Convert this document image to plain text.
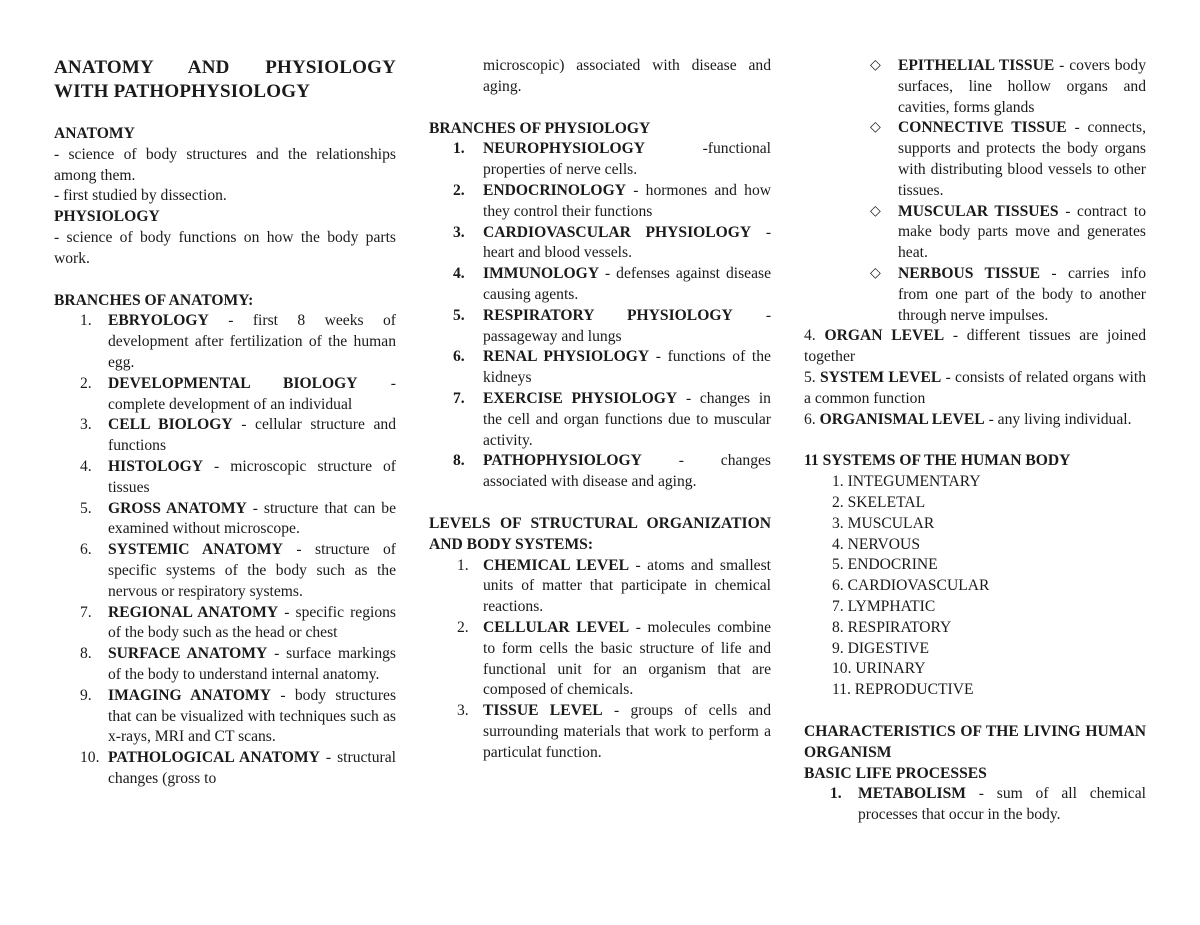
ANATOMY AND PHYSIOLOGY
WITH PATHOPHYSIOLOGY
ANATOMY

- science of body structures and the relationships among them.

- first studied by dissection.

PHYSIOLOGY

- science of body functions on how the body parts work.

BRANCHES OF ANATOMY:
1. EBRYOLOGY - first 8 weeks of development after fertilization of the human egg.
2. DEVELOPMENTAL BIOLOGY - complete development of an individual
3. CELL BIOLOGY - cellular structure and functions
4. HISTOLOGY - microscopic structure of tissues
5. GROSS ANATOMY - structure that can be examined without microscope.
6. SYSTEMIC ANATOMY - structure of specific systems of the body such as the nervous or respiratory systems.
7. REGIONAL ANATOMY - specific regions of the body such as the head or chest
8. SURFACE ANATOMY - surface markings of the body to understand internal anatomy.
9. IMAGING ANATOMY - body structures that can be visualized with techniques such as x-rays, MRI and CT scans.
10. PATHOLOGICAL ANATOMY - structural changes (gross to

microscopic) associated with disease and aging.

BRANCHES OF PHYSIOLOGY
1. NEUROPHYSIOLOGY -functional properties of nerve cells.
2. ENDOCRINOLOGY - hormones and how they control their functions
3. CARDIOVASCULAR PHYSIOLOGY - heart and blood vessels.
4. IMMUNOLOGY - defenses against disease causing agents.
5. RESPIRATORY PHYSIOLOGY - passageway and lungs
6. RENAL PHYSIOLOGY - functions of the kidneys
7. EXERCISE PHYSIOLOGY - changes in the cell and organ functions due to muscular activity.
8. PATHOPHYSIOLOGY - changes associated with disease and aging.
LEVELS OF STRUCTURAL ORGANIZATION AND BODY SYSTEMS:
1. CHEMICAL LEVEL - atoms and smallest units of matter that participate in chemical reactions.
2. CELLULAR LEVEL - molecules combine to form cells the basic structure of life and functional unit for an organism that are composed of chemicals.
3. TISSUE LEVEL - groups of cells and surrounding materials that work to perform a particulat function.
◇ EPITHELIAL TISSUE - covers body surfaces, line hollow organs and cavities, forms glands
◇ CONNECTIVE TISSUE - connects, supports and protects the body organs with distributing blood vessels to other tissues.
◇ MUSCULAR TISSUES - contract to make body parts move and generates heat.
◇ NERBOUS TISSUE - carries info from one part of the body to another through nerve impulses.

4. ORGAN LEVEL - different tissues are joined together

5. SYSTEM LEVEL - consists of related organs with a common function

6. ORGANISMAL LEVEL - any living individual.

11 SYSTEMS OF THE HUMAN BODY

1. INTEGUMENTARY

2. SKELETAL

3. MUSCULAR

4. NERVOUS

5. ENDOCRINE

6. CARDIOVASCULAR

7. LYMPHATIC

8. RESPIRATORY

9. DIGESTIVE

10. URINARY

11. REPRODUCTIVE

CHARACTERISTICS OF THE LIVING HUMAN ORGANISM
BASIC LIFE PROCESSES
1. METABOLISM - sum of all chemical processes that occur in the body.
